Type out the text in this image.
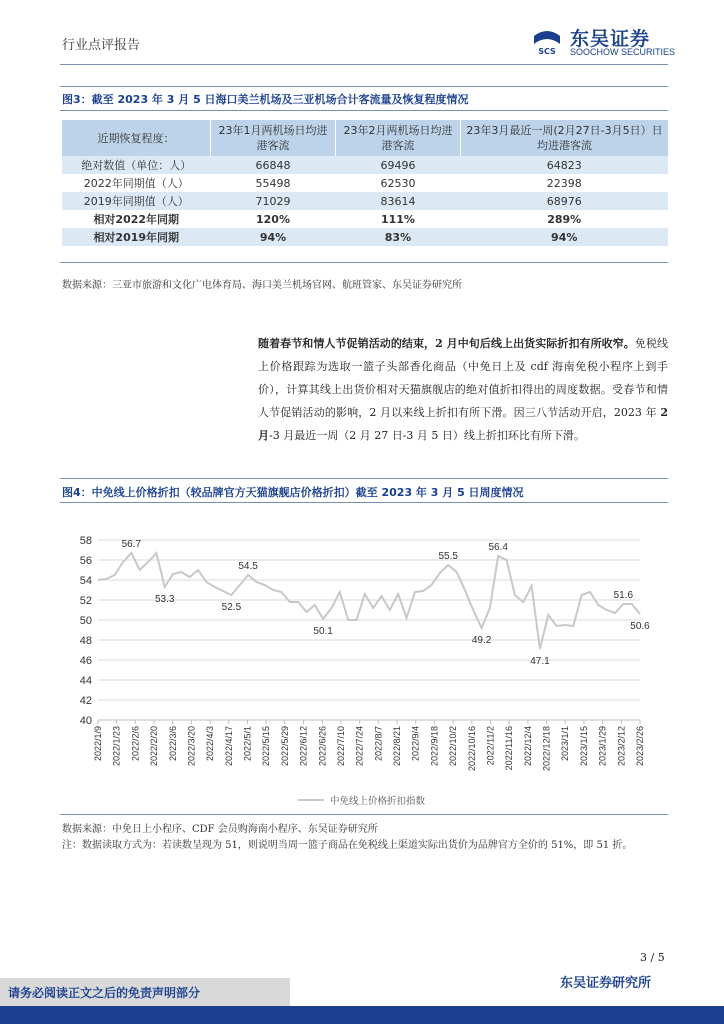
行业点评报告	SCS
东吴证券
SOOCHOW SECURITIES
图3：截至 2023 年 3 月 5 日海口美兰机场及三亚机场合计客流量及恢复程度情况
近期恢复程度：	23年1月两机场日均进港客流	23年2月两机场日均进港客流	23年3月最近一周(2月27日-3月5日）日均进港客流
绝对数值（单位：人）	66848	69496	64823
2022年同期值（人）	55498	62530	22398
2019年同期值（人）	71029	83614	68976
相对2022年同期	120%	111%	289%
相对2019年同期	94%	83%	94%
数据来源：三亚市旅游和文化广电体育局、海口美兰机场官网、航班管家、东吴证券研究所
随着春节和情人节促销活动的结束，2 月中旬后线上出货实际折扣有所收窄。免税线上价格跟踪为选取一篮子头部香化商品（中免日上及 cdf 海南免税小程序上到手价），计算其线上出货价相对天猫旗舰店的绝对值折扣得出的周度数据。受春节和情人节促销活动的影响，2 月以来线上折扣有所下滑。因三八节活动开启，2023 年 2 月-3 月最近一周（2 月 27 日-3 月 5 日）线上折扣环比有所下滑。
图4：中免线上价格折扣（较品牌官方天猫旗舰店价格折扣）截至 2023 年 3 月 5 日周度情况
40
42
44
46
48
50
52
54
56
58
2022/1/9 2022/1/23 2022/2/6 2022/2/20 2022/3/6 2022/3/20 2022/4/3 2022/4/17 2022/5/1 2022/5/15 2022/5/29 2022/6/12 2022/6/26 2022/7/10 2022/7/24 2022/8/7 2022/8/21 2022/9/4 2022/9/18 2022/10/2 2022/10/16 2022/11/2 2022/11/16 2022/12/4 2022/12/18 2023/1/1 2023/1/15 2023/1/29 2023/2/12 2023/2/26
56.7
53.3
54.5
52.5
50.1
55.5
49.2
56.4
47.1
51.6
50.6
中免线上价格折扣指数
数据来源：中免日上小程序、CDF 会员购海南小程序、东吴证券研究所
注：数据读取方式为：若读数呈现为 51，则说明当周一篮子商品在免税线上渠道实际出货价为品牌官方全价的 51%，即 51 折。
3 / 5
请务必阅读正文之后的免责声明部分
东吴证券研究所
